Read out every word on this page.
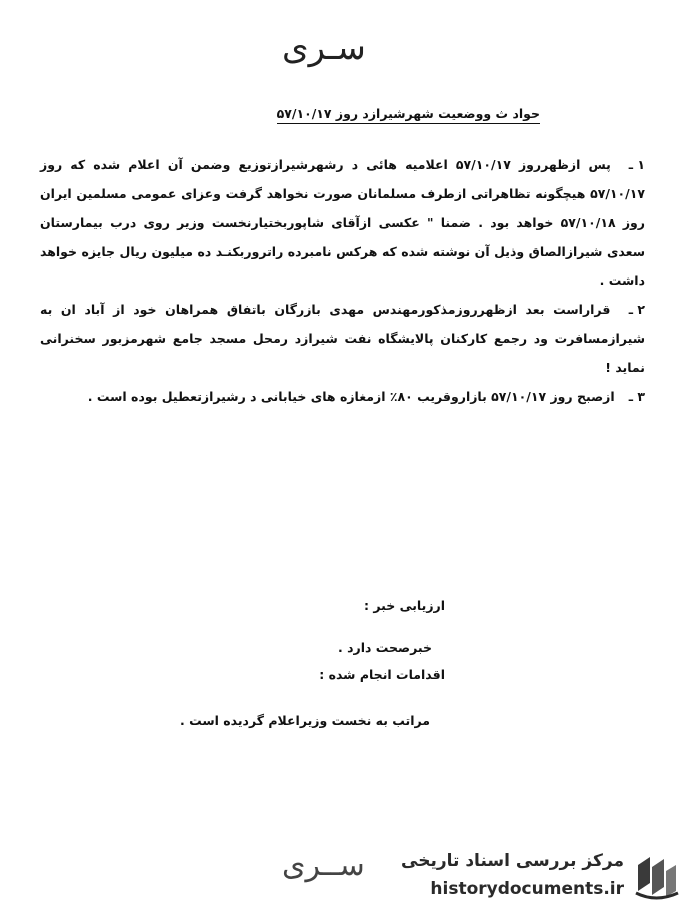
سـری
حواد ث ووضعیت شهرشیرازد روز ۵۷/۱۰/۱۷

۱ ـ پس ازظهرروز ۵۷/۱۰/۱۷ اعلامیه هائی د رشهرشیرازتوزیع وضمن آن اعلام شده که روز ۵۷/۱۰/۱۷ هیچگونه تظاهراتی ازطرف مسلمانان صورت نخواهد گرفت وعزای عمومی مسلمین ایران روز ۵۷/۱۰/۱۸ خواهد بود . ضمنا " عکسی ازآقای شاپوربختیارنخست وزیر روی درب بیمارستان سعدی شیرازالصاق وذیل آن نوشته شده که هرکس نامبرده راتروربکنـد ده میلیون ریال جایزه خواهد داشت .

۲ ـ قراراست بعد ازظهرروزمذکورمهندس مهدی بازرگان باتفاق همراهان خود از آباد ان به شیرازمسافرت ود رجمع کارکنان پالایشگاه نفت شیرازد رمحل مسجد جامع شهرمزبور سخنرانی نماید !

۳ ـ ازصبح روز ۵۷/۱۰/۱۷ بازاروقریب ۸۰٪ ازمغازه های خیابانی د رشیرازتعطیل بوده است .

ارزیابی خبر :
خبرصحت دارد .
اقدامات انجام شده :
مراتب به نخست وزیراعلام گردیده است .
ســری مرکز بررسی اسناد تاریخی
historydocuments.ir
